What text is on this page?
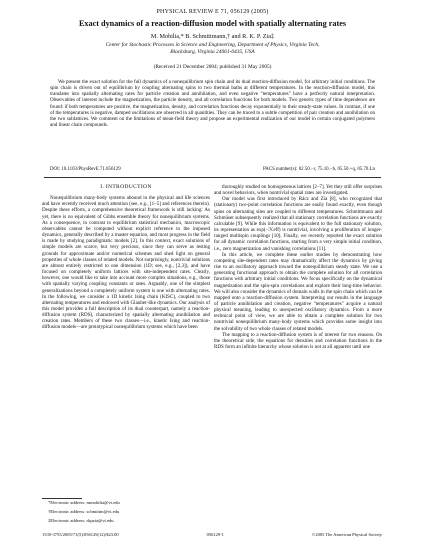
PHYSICAL REVIEW E 71, 056129 (2005)
Exact dynamics of a reaction-diffusion model with spatially alternating rates
M. Mobilia,* B. Schmittmann,† and R. K. P. Zia‡
Center for Stochastic Processes in Science and Engineering, Department of Physics, Virginia Tech,
Blacksburg, Virginia 24061-0435, USA
(Received 21 December 2004; published 31 May 2005)
We present the exact solution for the full dynamics of a nonequilibrium spin chain and its dual reaction-diffusion model, for arbitrary initial conditions. The spin chain is driven out of equilibrium by coupling alternating spins to two thermal baths at different temperatures. In the reaction-diffusion model, this translates into spatially alternating rates for particle creation and annihilation, and even negative "temperatures" have a perfectly natural interpretation. Observables of interest include the magnetization, the particle density, and all correlation functions for both models. Two generic types of time dependence are found: if both temperatures are positive, the magnetization, density, and correlation functions decay exponentially to their steady-state values. In contrast, if one of the temperatures is negative, damped oscillations are observed in all quantities. They can be traced to a subtle competition of pair creation and annihilation on the two sublattices. We comment on the limitations of mean-field theory and propose an experimental realization of our model in certain conjugated polymers and linear chain compounds.
DOI: 10.1103/PhysRevE.71.056129	PACS number(s): 02.50.−r, 75.10.−b, 05.50.+q, 05.70.Ln
I. INTRODUCTION

Nonequilibrium many-body systems abound in the physical and life sciences and have recently received much attention (see, e.g., [1–5] and references therein). Despite these efforts, a comprehensive theoretical framework is still lacking: As yet, there is no equivalent of Gibbs ensemble theory for nonequilibrium systems. As a consequence, in contrast to equilibrium statistical mechanics, macroscopic observables cannot be computed without explicit reference to the imposed dynamics, generally described by a master equation, and most progress in the field is made by studying paradigmatic models [2]. In this context, exact solutions of simple models are scarce, but very precious, since they can serve as testing grounds for approximate and/or numerical schemes and shed light on general properties of whole classes of related models. Not surprisingly, nontrivial solutions are almost entirely restricted to one dimension (1D; see, e.g., [2,3]), and have focused on completely uniform lattices with site-independent rates. Clearly, however, one would like to take into account more complex situations, e.g., those with spatially varying coupling constants or rates. Arguably, one of the simplest generalizations beyond a completely uniform system is one with alternating rates. In the following, we consider a 1D kinetic Ising chain (KISC), coupled to two alternating temperatures and endowed with Glauber-like dynamics. Our analysis of this model provides a full description of its dual counterpart, namely a reaction-diffusion system (RDS), characterized by spatially alternating annihilation and creation rates. Members of these two classes—i.e., kinetic Ising and reaction-diffusion models—are prototypical nonequilibrium systems which have been

thoroughly studied on homogeneous lattices [2–7]. Yet they still offer surprises and novel behaviors, when nontrivial spatial rates are investigated.

Our model was first introduced by Rácz and Zia [8], who recognized that (stationary) two-point correlation functions are easily found exactly, even though spins on alternating sites are coupled to different temperatures. Schmittmann and Schmüser subsequently realized that all stationary correlation functions are exactly calculable [9]. While this information is equivalent to the full stationary solution, its representation as exp(−ℋeff) is nontrivial, involving a proliferation of longer-ranged multispin couplings [10]. Finally, we recently reported the exact solution for all dynamic correlation functions, starting from a very simple initial condition, i.e., zero magnetization and vanishing correlations [11].

In this article, we complete these earlier studies by demonstrating how competing site-dependent rates may dramatically affect the dynamics by giving rise to an oscillatory approach toward the nonequilibrium steady state. We use a generating functional approach to obtain the complete solution for all correlation functions with arbitrary initial conditions. We focus specifically on the dynamical magnetization and the spin-spin correlations and explore their long-time behavior. We will also consider the dynamics of domain walls in the spin chain which can be mapped onto a reaction-diffusion system. Interpreting our results in the language of particle annihilation and creation, negative "temperatures" acquire a natural physical meaning, leading to unexpected oscillatory dynamics. From a more technical point of view, we are able to obtain a complete solution for two nontrivial nonequilibrium many-body systems which provides some insight into the solvability of two whole classes of related models.

The mapping to a reaction-diffusion system is of interest for two reasons. On the theoretical side, the equations for densities and correlation functions in the RDS form an infinite hierarchy whose solution is not at all apparent until one

*Electronic address: mmobilia@vt.edu
†Electronic address: schmittm@vt.edu
‡Electronic address: rkpzia@vt.edu
1539-3755/2005/71(5)/056129(12)/$23.00	056129-1	©2005 The American Physical Society
